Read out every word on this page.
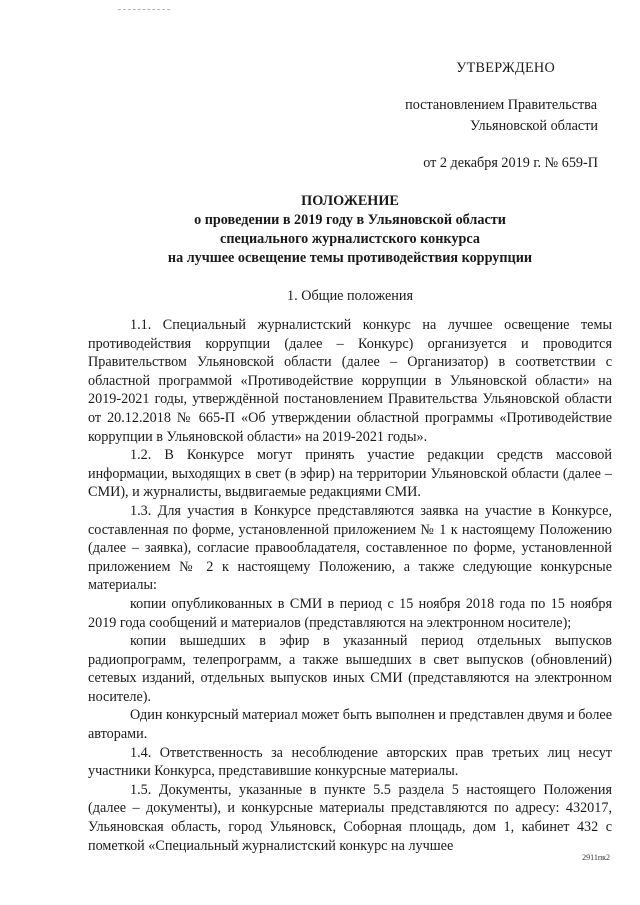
УТВЕРЖДЕНО
постановлением Правительства
Ульяновской области
от 2 декабря 2019 г. № 659-П
ПОЛОЖЕНИЕ
о проведении в 2019 году в Ульяновской области
специального журналистского конкурса
на лучшее освещение темы противодействия коррупции
1. Общие положения

1.1. Специальный журналистский конкурс на лучшее освещение темы противодействия коррупции (далее – Конкурс) организуется и проводится Правительством Ульяновской области (далее – Организатор) в соответствии с областной программой «Противодействие коррупции в Ульяновской области» на 2019-2021 годы, утверждённой постановлением Правительства Ульяновской области от 20.12.2018 № 665-П «Об утверждении областной программы «Противодействие коррупции в Ульяновской области» на 2019-2021 годы».

1.2. В Конкурсе могут принять участие редакции средств массовой информации, выходящих в свет (в эфир) на территории Ульяновской области (далее – СМИ), и журналисты, выдвигаемые редакциями СМИ.

1.3. Для участия в Конкурсе представляются заявка на участие в Конкурсе, составленная по форме, установленной приложением № 1 к настоящему Положению (далее – заявка), согласие правообладателя, составленное по форме, установленной приложением № 2 к настоящему Положению, а также следующие конкурсные материалы:

копии опубликованных в СМИ в период с 15 ноября 2018 года по 15 ноября 2019 года сообщений и материалов (представляются на электронном носителе);

копии вышедших в эфир в указанный период отдельных выпусков радиопрограмм, телепрограмм, а также вышедших в свет выпусков (обновлений) сетевых изданий, отдельных выпусков иных СМИ (представляются на электронном носителе).

Один конкурсный материал может быть выполнен и представлен двумя и более авторами.

1.4. Ответственность за несоблюдение авторских прав третьих лиц несут участники Конкурса, представившие конкурсные материалы.

1.5. Документы, указанные в пункте 5.5 раздела 5 настоящего Положения (далее – документы), и конкурсные материалы представляются по адресу: 432017, Ульяновская область, город Ульяновск, Соборная площадь, дом 1, кабинет 432 с пометкой «Специальный журналистский конкурс на лучшее

2911пк2
